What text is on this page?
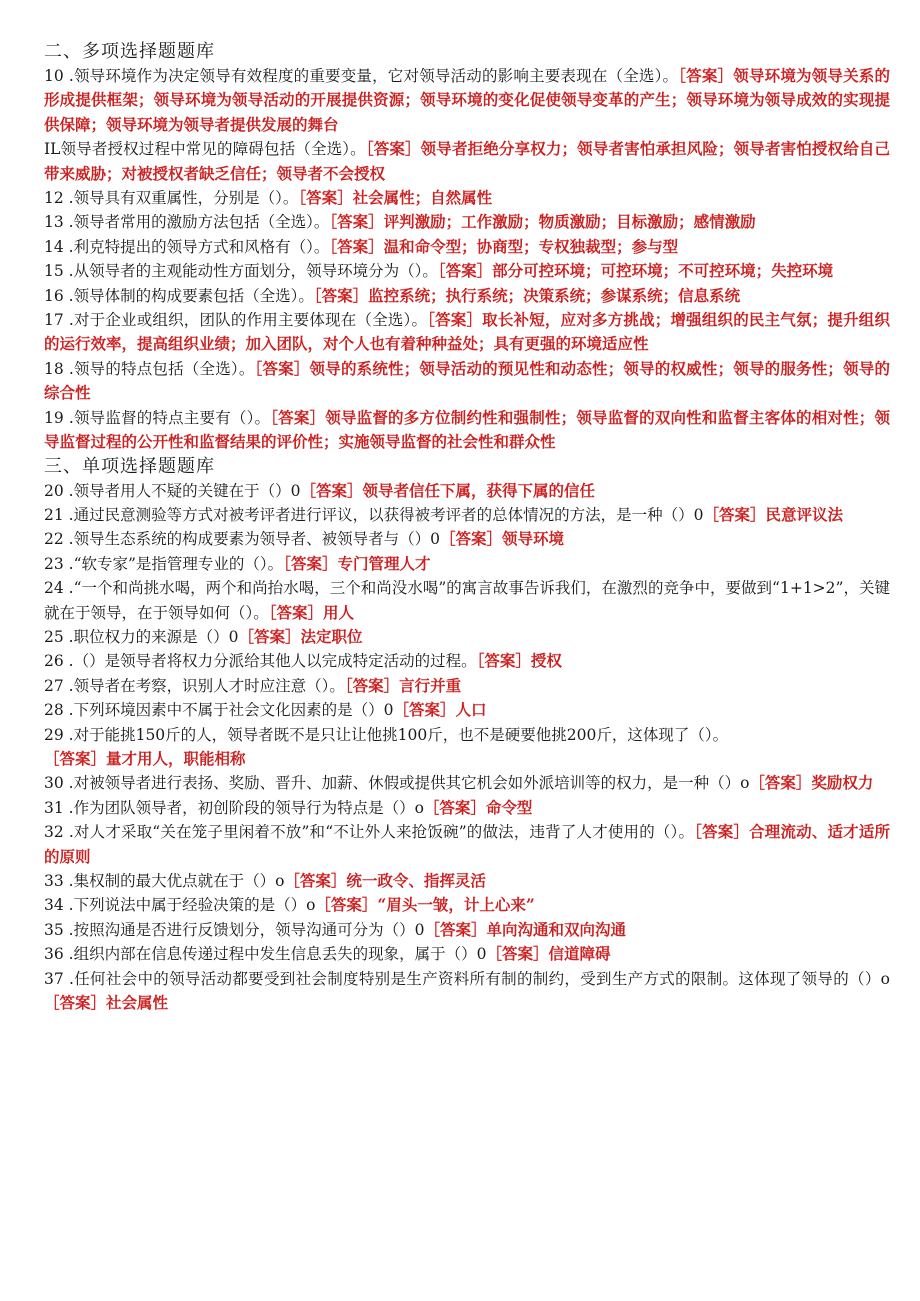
二、多项选择题题库

10 .领导环境作为决定领导有效程度的重要变量，它对领导活动的影响主要表现在（全选）。［答案］领导环境为领导关系的形成提供框架；领导环境为领导活动的开展提供资源；领导环境的变化促使领导变革的产生；领导环境为领导成效的实现提供保障；领导环境为领导者提供发展的舞台

IL领导者授权过程中常见的障碍包括（全选）。［答案］领导者拒绝分享权力；领导者害怕承担风险；领导者害怕授权给自己带来威胁；对被授权者缺乏信任；领导者不会授权

12 .领导具有双重属性，分别是（）。［答案］社会属性；自然属性

13 .领导者常用的激励方法包括（全选）。［答案］评判激励；工作激励；物质激励；目标激励；感情激励

14 .利克特提出的领导方式和风格有（）。［答案］温和命令型；协商型；专权独裁型；参与型

15 .从领导者的主观能动性方面划分，领导环境分为（）。［答案］部分可控环境；可控环境；不可控环境；失控环境

16 .领导体制的构成要素包括（全选）。［答案］监控系统；执行系统；决策系统；参谋系统；信息系统

17 .对于企业或组织，团队的作用主要体现在（全选）。［答案］取长补短，应对多方挑战；增强组织的民主气氛；提升组织的运行效率，提高组织业绩；加入团队，对个人也有着种种益处；具有更强的环境适应性

18 .领导的特点包括（全选）。［答案］领导的系统性；领导活动的预见性和动态性；领导的权威性；领导的服务性；领导的综合性

19 .领导监督的特点主要有（）。［答案］领导监督的多方位制约性和强制性；领导监督的双向性和监督主客体的相对性；领导监督过程的公开性和监督结果的评价性；实施领导监督的社会性和群众性

三、单项选择题题库

20 .领导者用人不疑的关键在于（）0［答案］领导者信任下属，获得下属的信任

21 .通过民意测验等方式对被考评者进行评议，以获得被考评者的总体情况的方法，是一种（）0［答案］民意评议法

22 .领导生态系统的构成要素为领导者、被领导者与（）0［答案］领导环境

23 .“软专家”是指管理专业的（）。［答案］专门管理人才

24 .“一个和尚挑水喝，两个和尚抬水喝，三个和尚没水喝”的寓言故事告诉我们，在激烈的竞争中，要做到“1+1>2”，关键就在于领导，在于领导如何（）。［答案］用人

25 .职位权力的来源是（）0［答案］法定职位

26 .（）是领导者将权力分派给其他人以完成特定活动的过程。［答案］授权

27 .领导者在考察，识别人才时应注意（）。［答案］言行并重

28 .下列环境因素中不属于社会文化因素的是（）0［答案］人口

29 .对于能挑150斤的人，领导者既不是只让让他挑100斤，也不是硬要他挑200斤，这体现了（）。
［答案］量才用人，职能相称

30 .对被领导者进行表扬、奖励、晋升、加薪、休假或提供其它机会如外派培训等的权力，是一种（）o［答案］奖励权力

31 .作为团队领导者，初创阶段的领导行为特点是（）o［答案］命令型

32 .对人才采取“关在笼子里闲着不放”和“不让外人来抢饭碗”的做法，违背了人才使用的（）。［答案］合理流动、适才适所的原则

33 .集权制的最大优点就在于（）o［答案］统一政令、指挥灵活

34 .下列说法中属于经验决策的是（）o［答案］“眉头一皱，计上心来”

35 .按照沟通是否进行反馈划分，领导沟通可分为（）0［答案］单向沟通和双向沟通

36 .组织内部在信息传递过程中发生信息丢失的现象，属于（）0［答案］信道障碍

37 .任何社会中的领导活动都要受到社会制度特别是生产资料所有制的制约，受到生产方式的限制。这体现了领导的（）o［答案］社会属性
